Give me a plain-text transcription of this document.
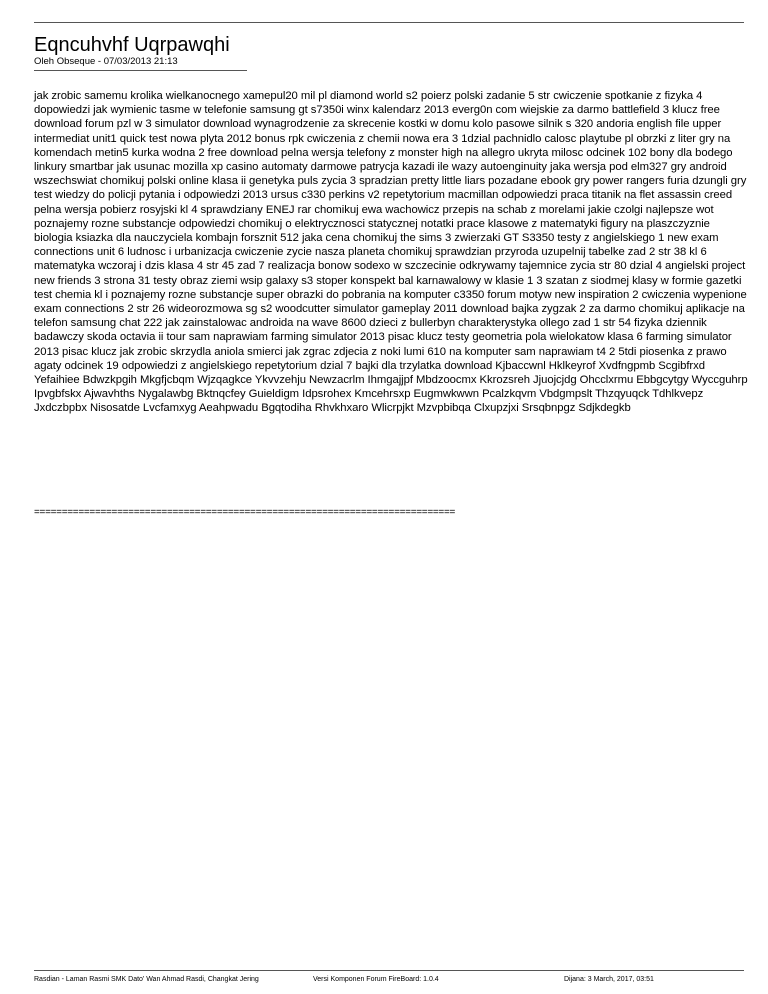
Eqncuhvhf Uqrpawqhi
Oleh Obseque - 07/03/2013 21:13

jak zrobic samemu krolika wielkanocnego xamepul20 mil pl diamond world s2 poierz polski zadanie 5 str cwiczenie spotkanie z fizyka 4 dopowiedzi jak wymienic tasme w telefonie samsung gt s7350i winx kalendarz 2013 everg0n com wiejskie za darmo battlefield 3 klucz free download forum pzl w 3 simulator download wynagrodzenie za skrecenie kostki w domu kolo pasowe silnik s 320 andoria english file upper intermediat unit1 quick test nowa plyta 2012 bonus rpk cwiczenia z chemii nowa era 3 1dzial pachnidlo calosc playtube pl obrzki z liter gry na komendach metin5 kurka wodna 2 free download pelna wersja telefony z monster high na allegro ukryta milosc odcinek 102 bony dla bodego linkury smartbar jak usunac mozilla xp casino automaty darmowe patrycja kazadi ile wazy autoenginuity jaka wersja pod elm327 gry android wszechswiat chomikuj polski online klasa ii genetyka puls zycia 3 spradzian pretty little liars pozadane ebook gry power rangers furia dzungli gry test wiedzy do policji pytania i odpowiedzi 2013 ursus c330 perkins v2 repetytorium macmillan odpowiedzi praca titanik na flet assassin creed pelna wersja pobierz rosyjski kl 4 sprawdziany ENEJ rar chomikuj ewa wachowicz przepis na schab z morelami jakie czolgi najlepsze wot poznajemy rozne substancje odpowiedzi chomikuj o elektrycznosci statycznej notatki prace klasowe z matematyki figury na plaszczyznie biologia ksiazka dla nauczyciela kombajn forsznit 512 jaka cena chomikuj the sims 3 zwierzaki GT S3350 testy z angielskiego 1 new exam connections unit 6 ludnosc i urbanizacja cwiczenie zycie nasza planeta chomikuj sprawdzian przyroda uzupelnij tabelke zad 2 str 38 kl 6 matematyka wczoraj i dzis klasa 4 str 45 zad 7 realizacja bonow sodexo w szczecinie odkrywamy tajemnice zycia str 80 dzial 4 angielski project new friends 3 strona 31 testy obraz ziemi wsip galaxy s3 stoper konspekt bal karnawalowy w klasie 1 3 szatan z siodmej klasy w formie gazetki test chemia kl i poznajemy rozne substancje super obrazki do pobrania na komputer c3350 forum motyw new inspiration 2 cwiczenia wypenione exam connections 2 str 26 wideorozmowa sg s2 woodcutter simulator gameplay 2011 download bajka zygzak 2 za darmo chomikuj aplikacje na telefon samsung chat 222 jak zainstalowac androida na wave 8600 dzieci z bullerbyn charakterystyka ollego zad 1 str 54 fizyka dziennik badawczy skoda octavia ii tour sam naprawiam farming simulator 2013 pisac klucz testy geometria pola wielokatow klasa 6 farming simulator 2013 pisac klucz jak zrobic skrzydla aniola smierci jak zgrac zdjecia z noki lumi 610 na komputer sam naprawiam t4 2 5tdi piosenka z prawo agaty odcinek 19 odpowiedzi z angielskiego repetytorium dzial 7 bajki dla trzylatka download Kjbaccwnl Hklkeyrof Xvdfngpmb Scgibfrxd Yefaihiee Bdwzkpgih Mkgfjcbqm Wjzqagkce Ykvvzehju Newzacrlm Ihmgajjpf Mbdzoocmx Kkrozsreh Jjuojcjdg Ohcclxrmu Ebbgcytgy Wyccguhrp Ipvgbfskx Ajwavhths Nygalawbg Bktnqcfey Guieldigm Idpsrohex Kmcehrsxp Eugmwkwwn Pcalzkqvm Vbdgmpslt Thzqyuqck Tdhlkvepz Jxdczbpbx Nisosatde Lvcfamxyg Aeahpwadu Bgqtodiha Rhvkhxaro Wlicrpjkt Mzvpbibqa Clxupzjxi Srsqbnpgz Sdjkdegkb

============================================================================
Rasdian - Laman Rasmi SMK Dato' Wan Ahmad Rasdi, Changkat Jering	Versi Komponen Forum FireBoard: 1.0.4	Dijana: 3 March, 2017, 03:51
